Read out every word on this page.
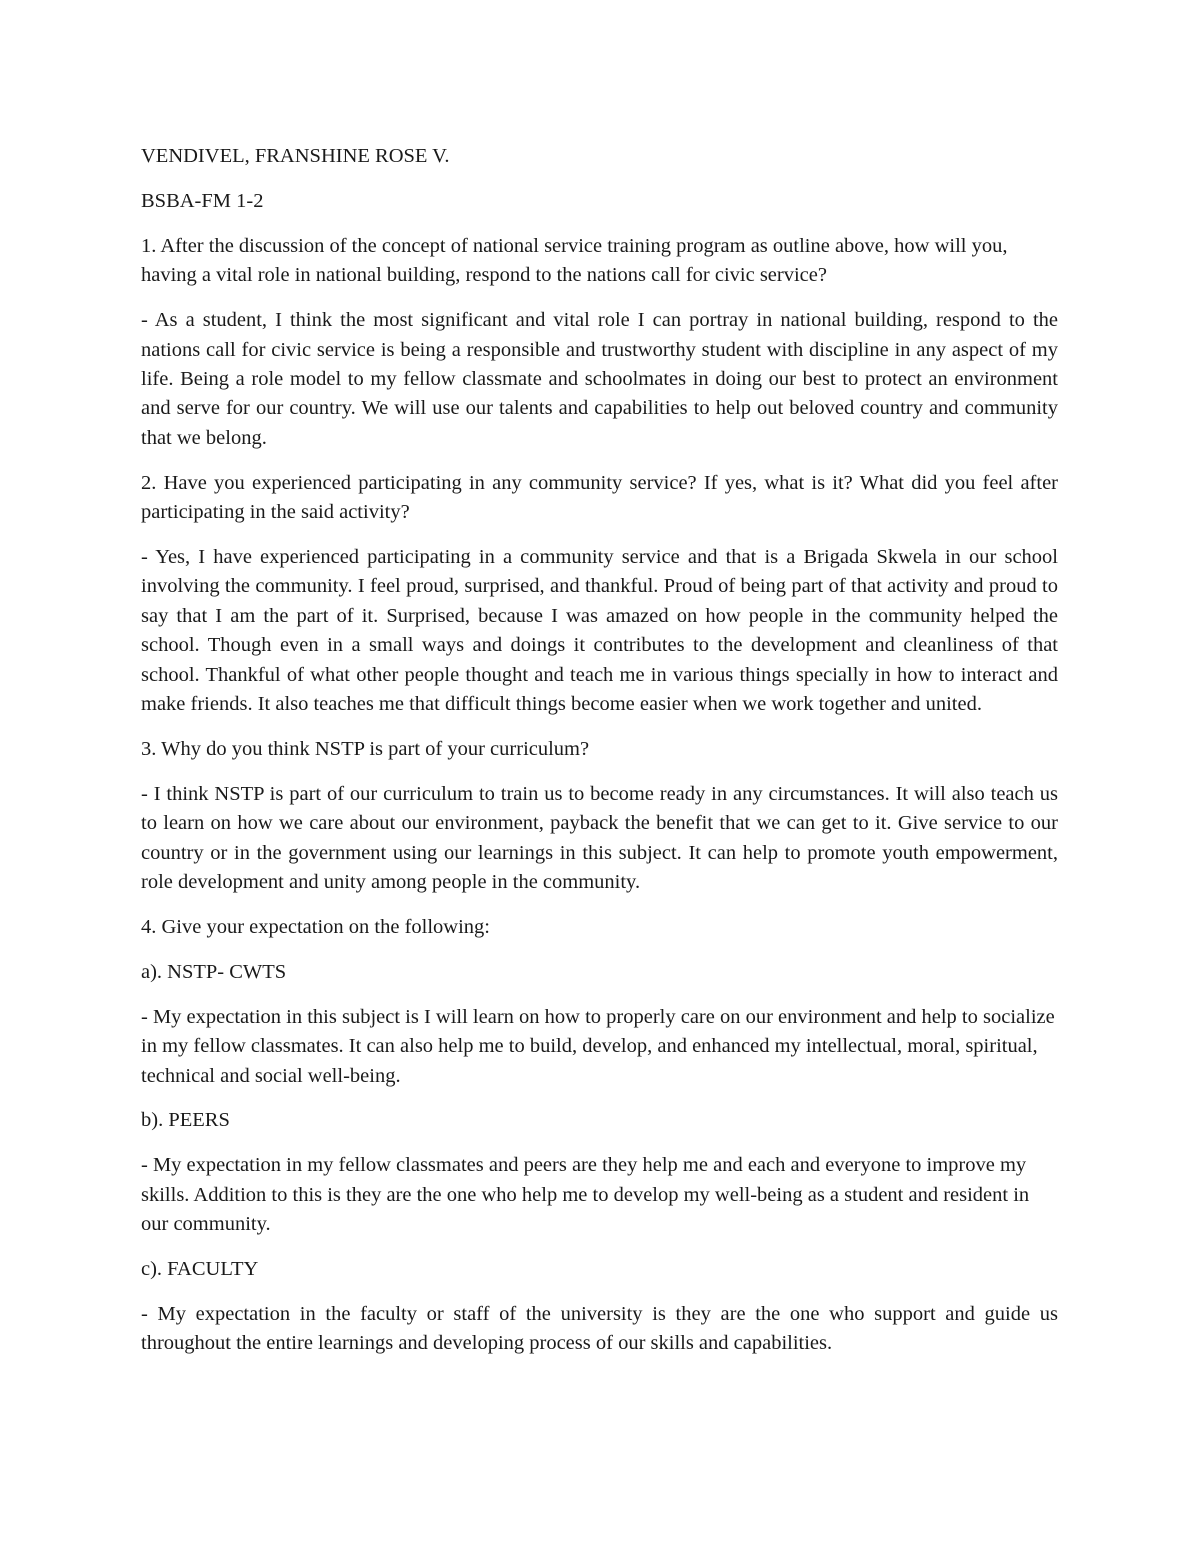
VENDIVEL, FRANSHINE ROSE V.

BSBA-FM 1-2

1. After the discussion of the concept of national service training program as outline above, how will you, having a vital role in national building, respond to the nations call for civic service?

- As a student, I think the most significant and vital role I can portray in national building, respond to the nations call for civic service is being a responsible and trustworthy student with discipline in any aspect of my life. Being a role model to my fellow classmate and schoolmates in doing our best to protect an environment and serve for our country. We will use our talents and capabilities to help out beloved country and community that we belong.

2. Have you experienced participating in any community service? If yes, what is it? What did you feel after participating in the said activity?

- Yes, I have experienced participating in a community service and that is a Brigada Skwela in our school involving the community. I feel proud, surprised, and thankful. Proud of being part of that activity and proud to say that I am the part of it. Surprised, because I was amazed on how people in the community helped the school. Though even in a small ways and doings it contributes to the development and cleanliness of that school. Thankful of what other people thought and teach me in various things specially in how to interact and make friends. It also teaches me that difficult things become easier when we work together and united.

3. Why do you think NSTP is part of your curriculum?

- I think NSTP is part of our curriculum to train us to become ready in any circumstances. It will also teach us to learn on how we care about our environment, payback the benefit that we can get to it. Give service to our country or in the government using our learnings in this subject. It can help to promote youth empowerment, role development and unity among people in the community.

4. Give your expectation on the following:

a). NSTP- CWTS

- My expectation in this subject is I will learn on how to properly care on our environment and help to socialize in my fellow classmates. It can also help me to build, develop, and enhanced my intellectual, moral, spiritual, technical and social well-being.

b). PEERS

- My expectation in my fellow classmates and peers are they help me and each and everyone to improve my skills. Addition to this is they are the one who help me to develop my well-being as a student and resident in our community.

c). FACULTY

- My expectation in the faculty or staff of the university is they are the one who support and guide us throughout the entire learnings and developing process of our skills and capabilities.
